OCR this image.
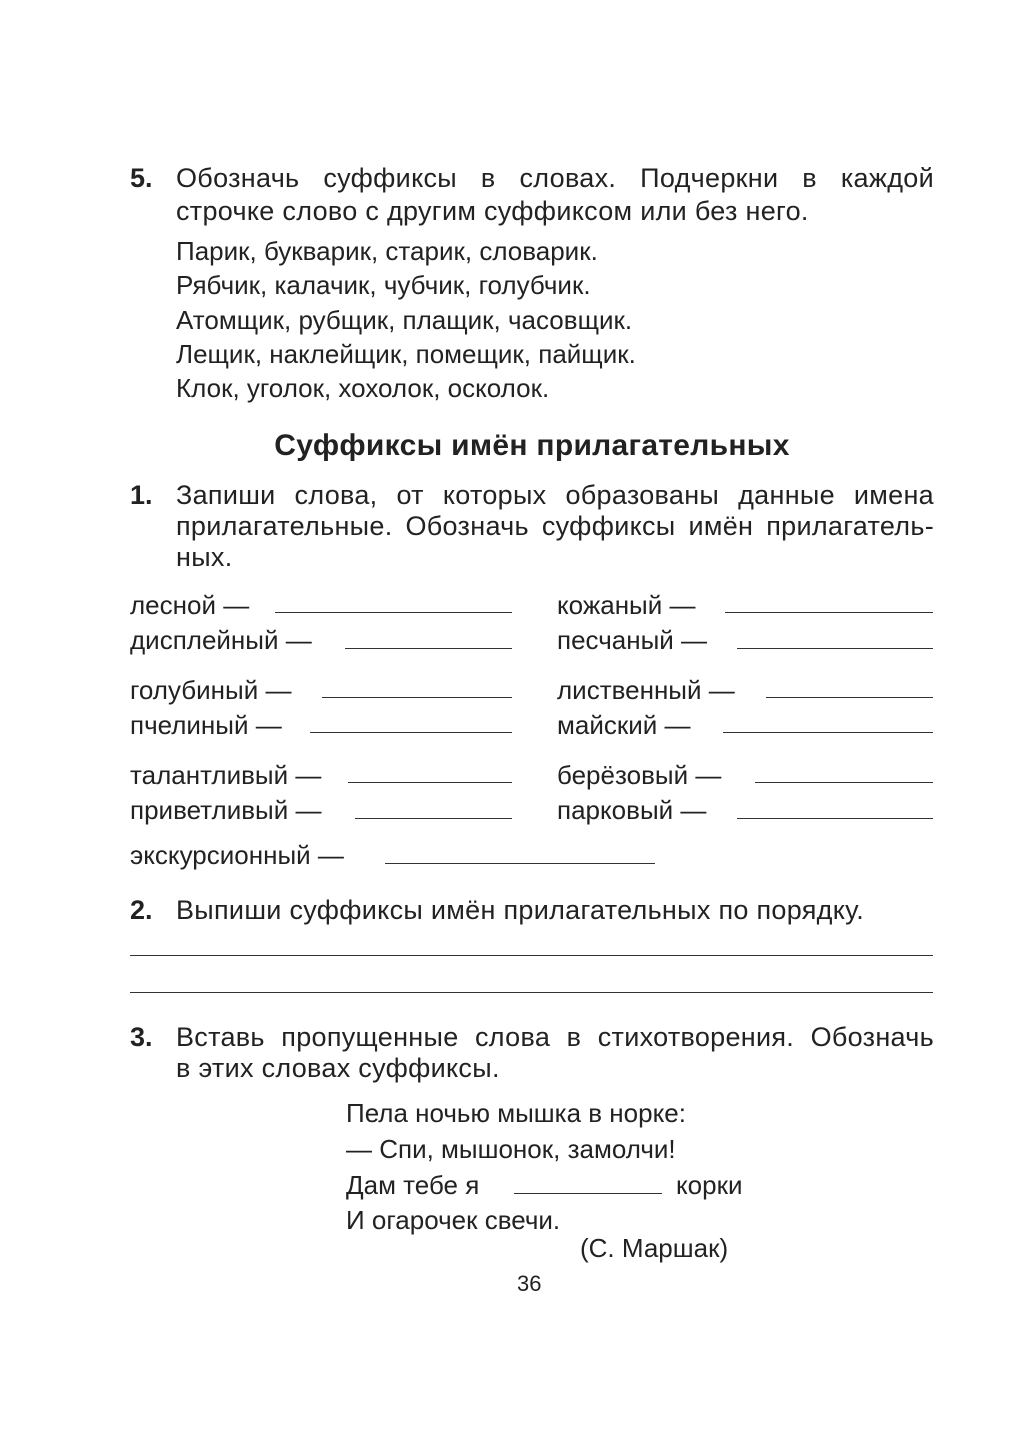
5. Обозначь суффиксы в словах. Подчеркни в каждой
строчке слово с другим суффиксом или без него.
Парик, букварик, старик, словарик.
Рябчик, калачик, чубчик, голубчик.
Атомщик, рубщик, плащик, часовщик.
Лещик, наклейщик, помещик, пайщик.
Клок, уголок, хохолок, осколок.
Суффиксы имён прилагательных
1. Запиши слова, от которых образованы данные имена
прилагательные. Обозначь суффиксы имён прилагатель-
ных.
лесной —
дисплейный —
голубиный —
пчелиный —
талантливый —
приветливый —
кожаный —
песчаный —
лиственный —
майский —
берёзовый —
парковый —
экскурсионный —
2. Выпиши суффиксы имён прилагательных по порядку.
3. Вставь пропущенные слова в стихотворения. Обозначь
в этих словах суффиксы.
Пела ночью мышка в норке:
— Спи, мышонок, замолчи!
Дам тебе я	корки
И огарочек свечи.
(С. Маршак)
36
